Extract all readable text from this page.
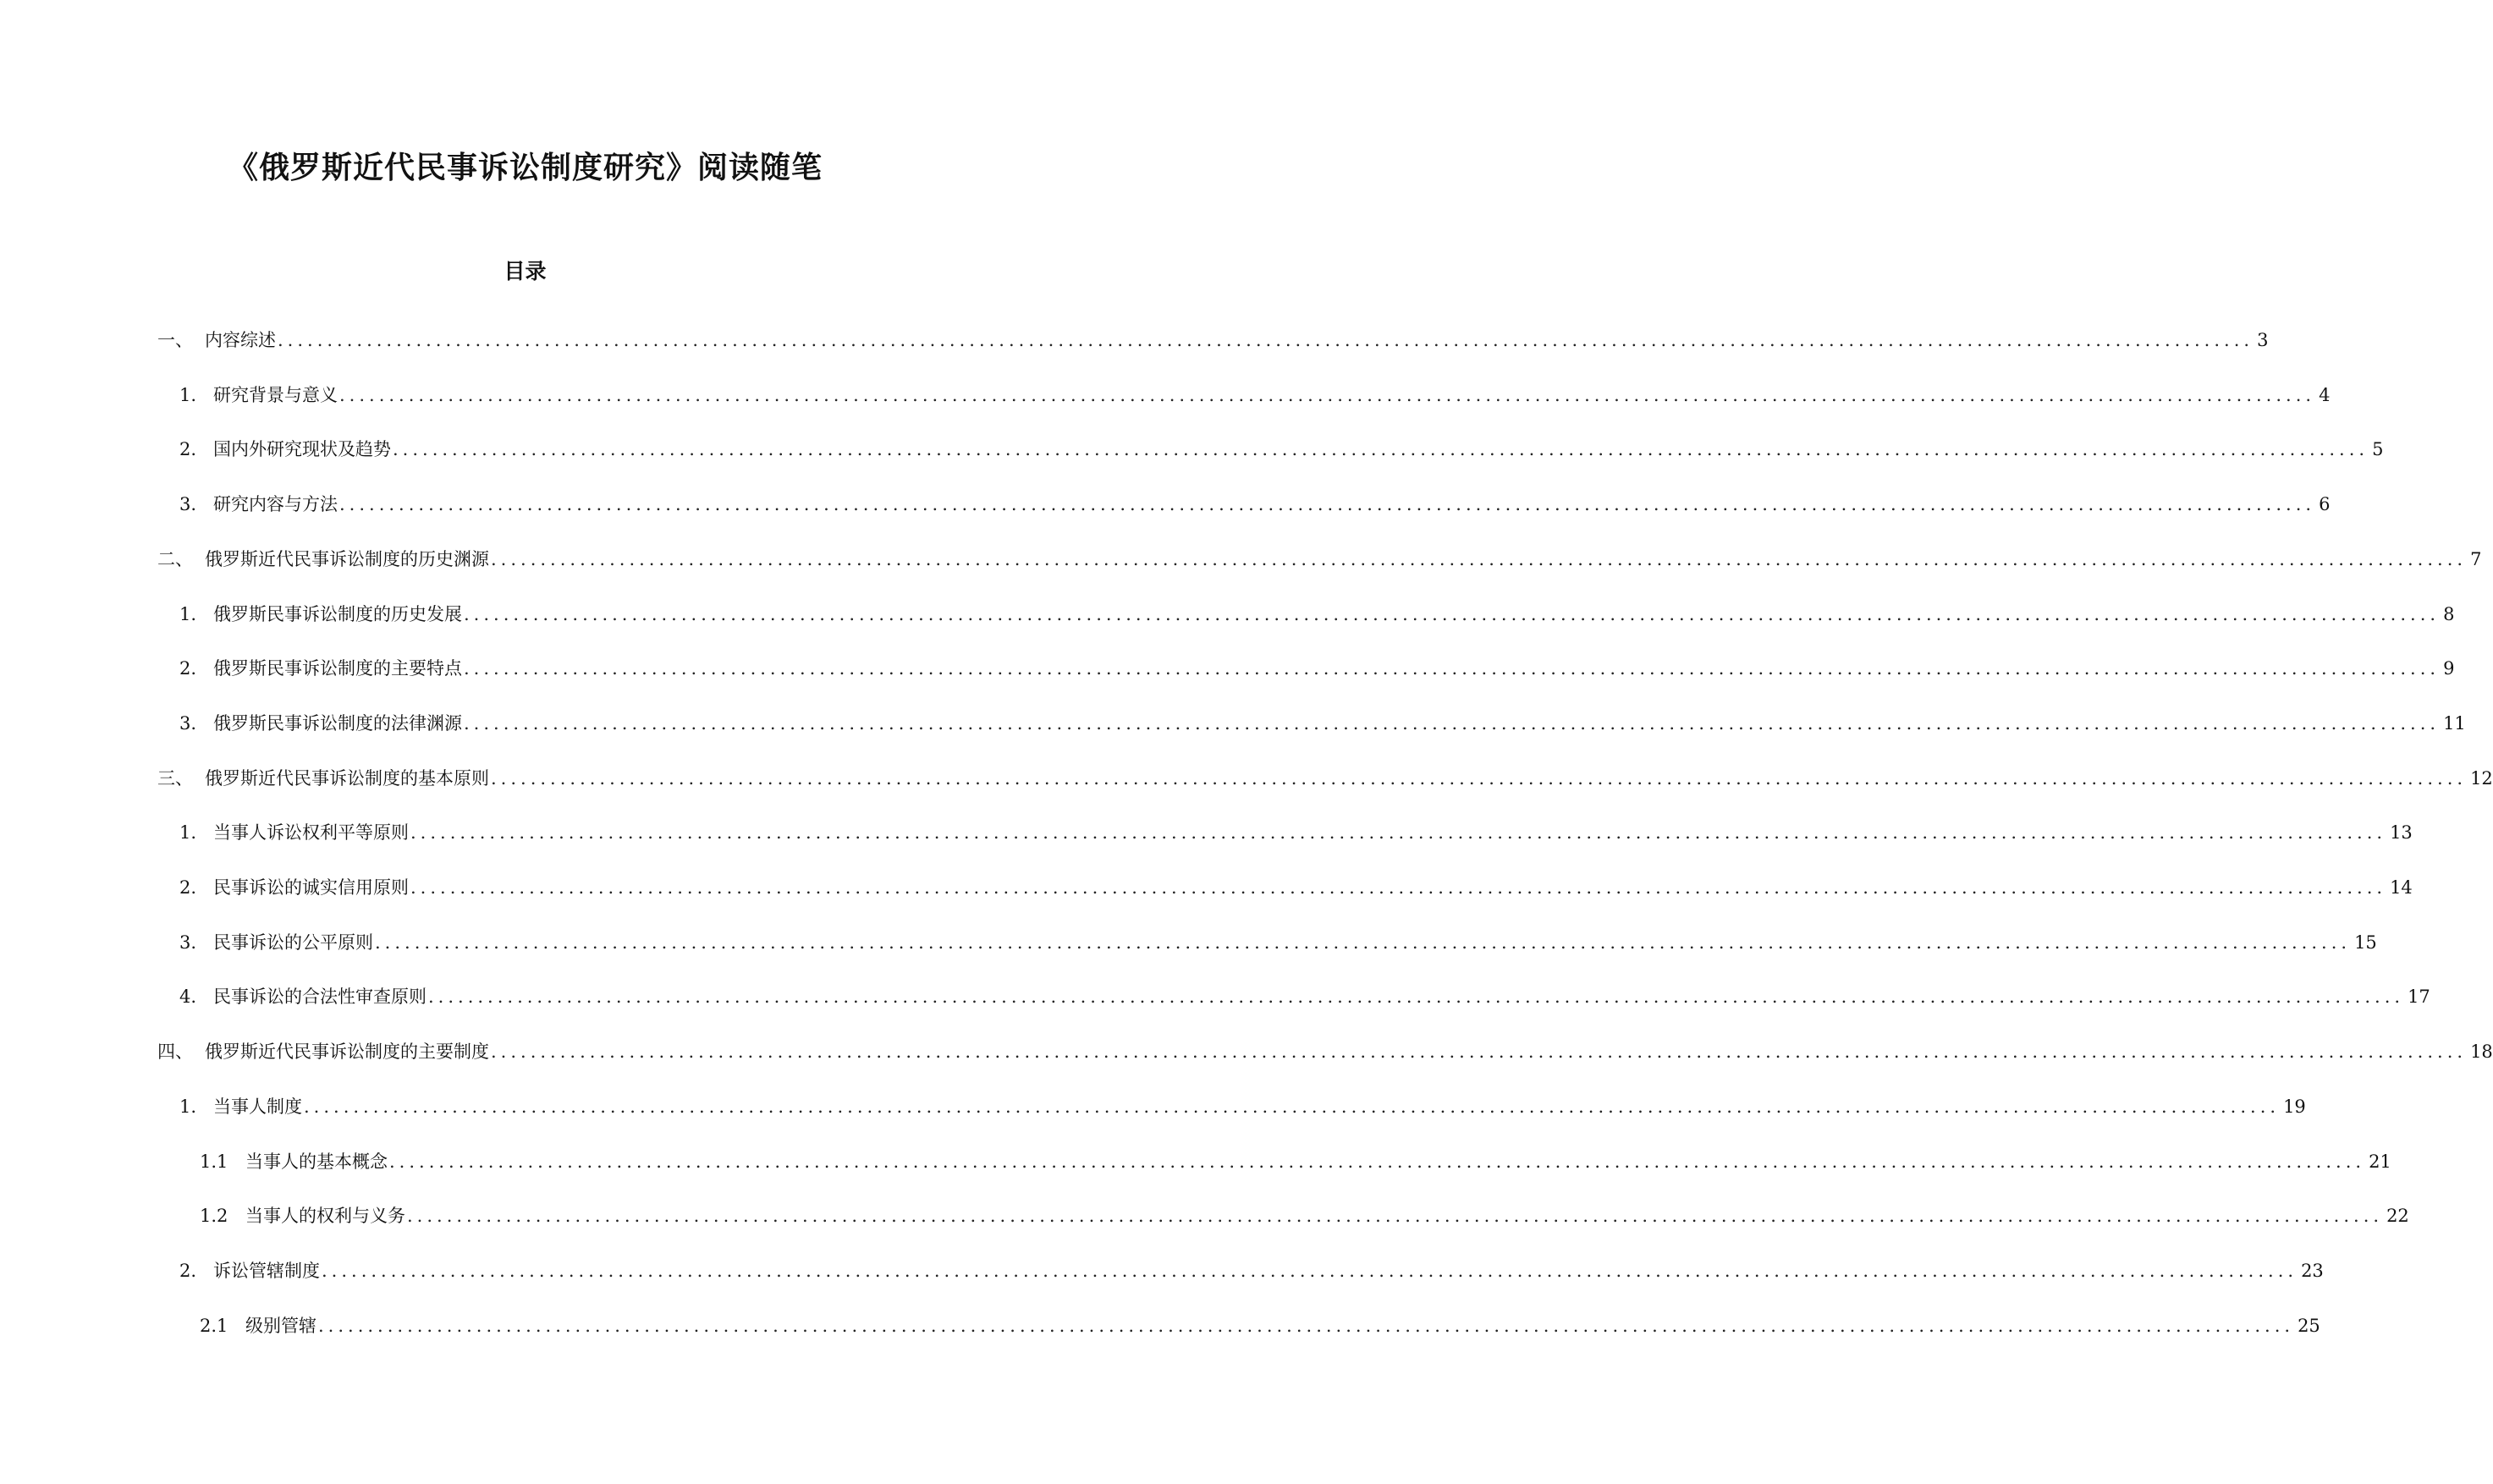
《俄罗斯近代民事诉讼制度研究》阅读随笔
目录
一、 内容综述 ........................................................................................................................................................................................................ 3
1. 研究背景与意义 ........................................................................................................................................................................................................ 4
2. 国内外研究现状及趋势 ........................................................................................................................................................................................................ 5
3. 研究内容与方法 ........................................................................................................................................................................................................ 6
二、 俄罗斯近代民事诉讼制度的历史渊源 ........................................................................................................................................................................................................ 7
1. 俄罗斯民事诉讼制度的历史发展 ........................................................................................................................................................................................................ 8
2. 俄罗斯民事诉讼制度的主要特点 ........................................................................................................................................................................................................ 9
3. 俄罗斯民事诉讼制度的法律渊源 ........................................................................................................................................................................................................ 11
三、 俄罗斯近代民事诉讼制度的基本原则 ........................................................................................................................................................................................................ 12
1. 当事人诉讼权利平等原则 ........................................................................................................................................................................................................ 13
2. 民事诉讼的诚实信用原则 ........................................................................................................................................................................................................ 14
3. 民事诉讼的公平原则 ........................................................................................................................................................................................................ 15
4. 民事诉讼的合法性审查原则 ........................................................................................................................................................................................................ 17
四、 俄罗斯近代民事诉讼制度的主要制度 ........................................................................................................................................................................................................ 18
1. 当事人制度 ........................................................................................................................................................................................................ 19
1.1 当事人的基本概念 ........................................................................................................................................................................................................ 21
1.2 当事人的权利与义务 ........................................................................................................................................................................................................ 22
2. 诉讼管辖制度 ........................................................................................................................................................................................................ 23
2.1 级别管辖 ........................................................................................................................................................................................................ 25
